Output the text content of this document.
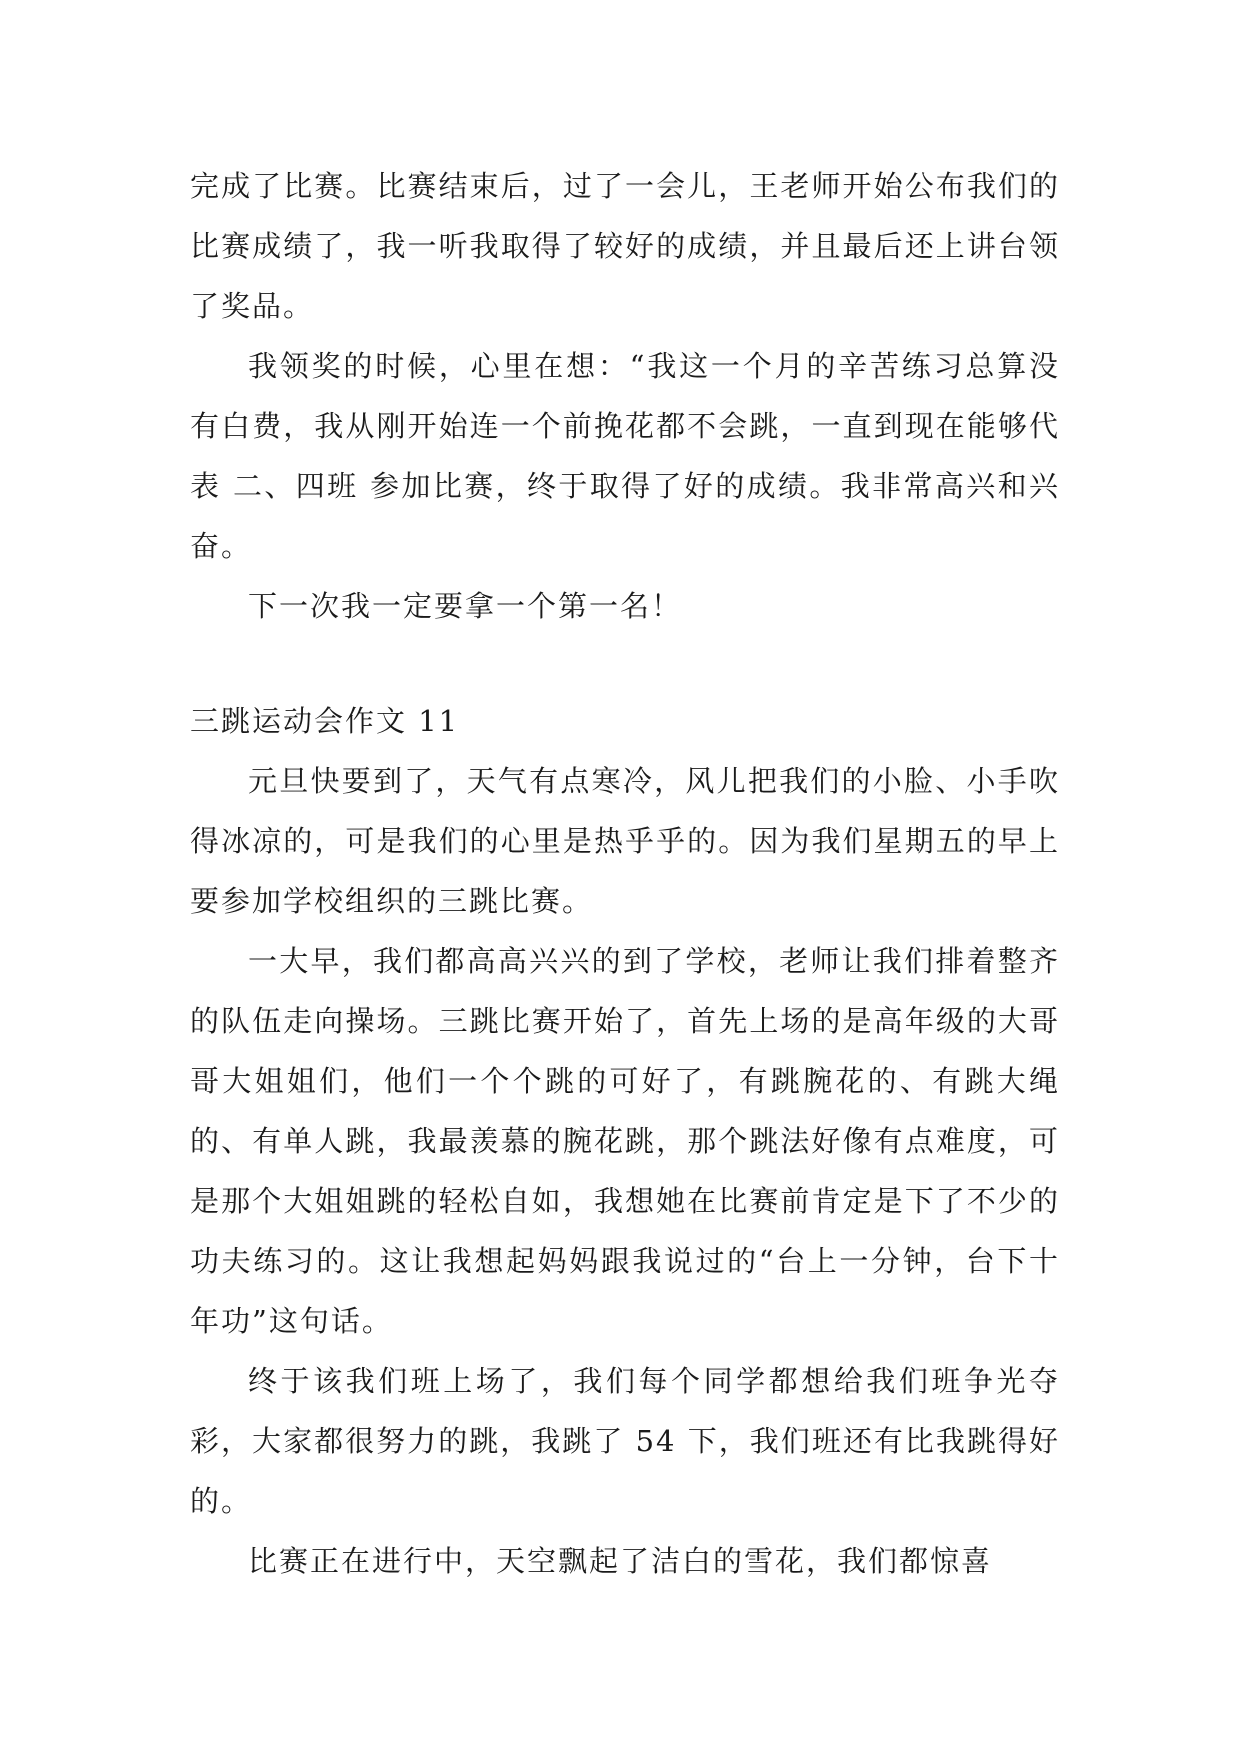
完成了比赛。比赛结束后，过了一会儿，王老师开始公布我们的比赛成绩了，我一听我取得了较好的成绩，并且最后还上讲台领了奖品。

我领奖的时候，心里在想：“我这一个月的辛苦练习总算没有白费，我从刚开始连一个前挽花都不会跳，一直到现在能够代表 二、四班 参加比赛，终于取得了好的成绩。我非常高兴和兴奋。

下一次我一定要拿一个第一名！

三跳运动会作文 11

元旦快要到了，天气有点寒冷，风儿把我们的小脸、小手吹得冰凉的，可是我们的心里是热乎乎的。因为我们星期五的早上要参加学校组织的三跳比赛。

一大早，我们都高高兴兴的到了学校，老师让我们排着整齐的队伍走向操场。三跳比赛开始了，首先上场的是高年级的大哥哥大姐姐们，他们一个个跳的可好了，有跳腕花的、有跳大绳的、有单人跳，我最羡慕的腕花跳，那个跳法好像有点难度，可是那个大姐姐跳的轻松自如，我想她在比赛前肯定是下了不少的功夫练习的。这让我想起妈妈跟我说过的“台上一分钟，台下十年功”这句话。

终于该我们班上场了，我们每个同学都想给我们班争光夺彩，大家都很努力的跳，我跳了 54 下，我们班还有比我跳得好的。

比赛正在进行中，天空飘起了洁白的雪花，我们都惊喜
